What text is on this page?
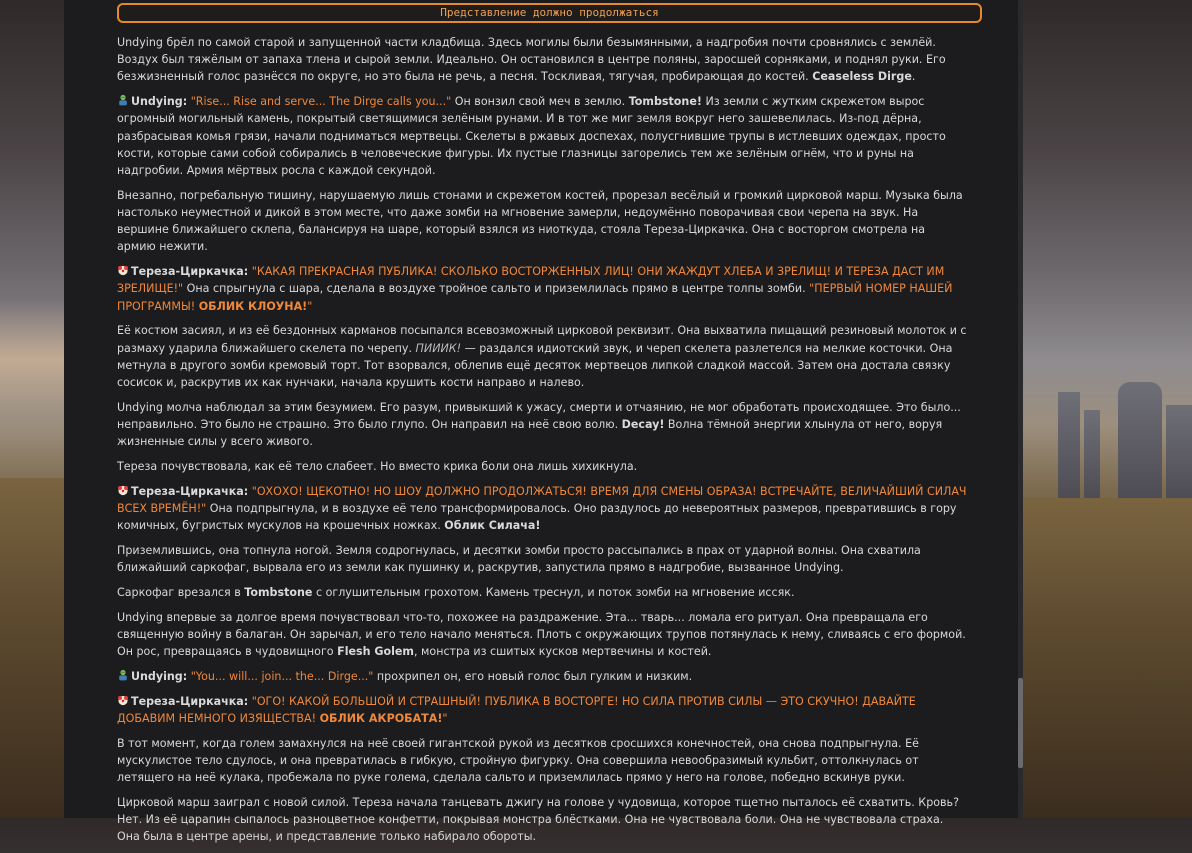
Представление должно продолжаться

Undying брёл по самой старой и запущенной части кладбища. Здесь могилы были безымянными, а надгробия почти сровнялись с землёй. Воздух был тяжёлым от запаха тлена и сырой земли. Идеально. Он остановился в центре поляны, заросшей сорняками, и поднял руки. Его безжизненный голос разнёсся по округе, но это была не речь, а песня. Тоскливая, тягучая, пробирающая до костей. Ceaseless Dirge.

Undying: "Rise... Rise and serve... The Dirge calls you..." Он вонзил свой меч в землю. Tombstone! Из земли с жутким скрежетом вырос огромный могильный камень, покрытый светящимися зелёным рунами. И в тот же миг земля вокруг него зашевелилась. Из-под дёрна, разбрасывая комья грязи, начали подниматься мертвецы. Скелеты в ржавых доспехах, полусгнившие трупы в истлевших одеждах, просто кости, которые сами собой собирались в человеческие фигуры. Их пустые глазницы загорелись тем же зелёным огнём, что и руны на надгробии. Армия мёртвых росла с каждой секундой.

Внезапно, погребальную тишину, нарушаемую лишь стонами и скрежетом костей, прорезал весёлый и громкий цирковой марш. Музыка была настолько неуместной и дикой в этом месте, что даже зомби на мгновение замерли, недоумённо поворачивая свои черепа на звук. На вершине ближайшего склепа, балансируя на шаре, который взялся из ниоткуда, стояла Тереза-Циркачка. Она с восторгом смотрела на армию нежити.

Тереза-Циркачка: "КАКАЯ ПРЕКРАСНАЯ ПУБЛИКА! СКОЛЬКО ВОСТОРЖЕННЫХ ЛИЦ! ОНИ ЖАЖДУТ ХЛЕБА И ЗРЕЛИЩ! И ТЕРЕЗА ДАСТ ИМ ЗРЕЛИЩЕ!" Она спрыгнула с шара, сделала в воздухе тройное сальто и приземлилась прямо в центре толпы зомби. "ПЕРВЫЙ НОМЕР НАШЕЙ ПРОГРАММЫ! ОБЛИК КЛОУНА!"

Её костюм засиял, и из её бездонных карманов посыпался всевозможный цирковой реквизит. Она выхватила пищащий резиновый молоток и с размаху ударила ближайшего скелета по черепу. ПИИИК! — раздался идиотский звук, и череп скелета разлетелся на мелкие косточки. Она метнула в другого зомби кремовый торт. Тот взорвался, облепив ещё десяток мертвецов липкой сладкой массой. Затем она достала связку сосисок и, раскрутив их как нунчаки, начала крушить кости направо и налево.

Undying молча наблюдал за этим безумием. Его разум, привыкший к ужасу, смерти и отчаянию, не мог обработать происходящее. Это было... неправильно. Это было не страшно. Это было глупо. Он направил на неё свою волю. Decay! Волна тёмной энергии хлынула от него, воруя жизненные силы у всего живого.

Тереза почувствовала, как её тело слабеет. Но вместо крика боли она лишь хихикнула.

Тереза-Циркачка: "ОХОХО! ЩЕКОТНО! НО ШОУ ДОЛЖНО ПРОДОЛЖАТЬСЯ! ВРЕМЯ ДЛЯ СМЕНЫ ОБРАЗА! ВСТРЕЧАЙТЕ, ВЕЛИЧАЙШИЙ СИЛАЧ ВСЕХ ВРЕМЁН!" Она подпрыгнула, и в воздухе её тело трансформировалось. Оно раздулось до невероятных размеров, превратившись в гору комичных, бугристых мускулов на крошечных ножках. Облик Силача!

Приземлившись, она топнула ногой. Земля содрогнулась, и десятки зомби просто рассыпались в прах от ударной волны. Она схватила ближайший саркофаг, вырвала его из земли как пушинку и, раскрутив, запустила прямо в надгробие, вызванное Undying.

Саркофаг врезался в Tombstone с оглушительным грохотом. Камень треснул, и поток зомби на мгновение иссяк.

Undying впервые за долгое время почувствовал что-то, похожее на раздражение. Эта... тварь... ломала его ритуал. Она превращала его священную войну в балаган. Он зарычал, и его тело начало меняться. Плоть с окружающих трупов потянулась к нему, сливаясь с его формой. Он рос, превращаясь в чудовищного Flesh Golem, монстра из сшитых кусков мертвечины и костей.

Undying: "You... will... join... the... Dirge..." прохрипел он, его новый голос был гулким и низким.

Тереза-Циркачка: "ОГО! КАКОЙ БОЛЬШОЙ И СТРАШНЫЙ! ПУБЛИКА В ВОСТОРГЕ! НО СИЛА ПРОТИВ СИЛЫ — ЭТО СКУЧНО! ДАВАЙТЕ ДОБАВИМ НЕМНОГО ИЗЯЩЕСТВА! ОБЛИК АКРОБАТА!"

В тот момент, когда голем замахнулся на неё своей гигантской рукой из десятков сросшихся конечностей, она снова подпрыгнула. Её мускулистое тело сдулось, и она превратилась в гибкую, стройную фигурку. Она совершила невообразимый кульбит, оттолкнулась от летящего на неё кулака, пробежала по руке голема, сделала сальто и приземлилась прямо у него на голове, победно вскинув руки.

Цирковой марш заиграл с новой силой. Тереза начала танцевать джигу на голове у чудовища, которое тщетно пыталось её схватить. Кровь? Нет. Из её царапин сыпалось разноцветное конфетти, покрывая монстра блёстками. Она не чувствовала боли. Она не чувствовала страха. Она была в центре арены, и представление только набирало обороты.
